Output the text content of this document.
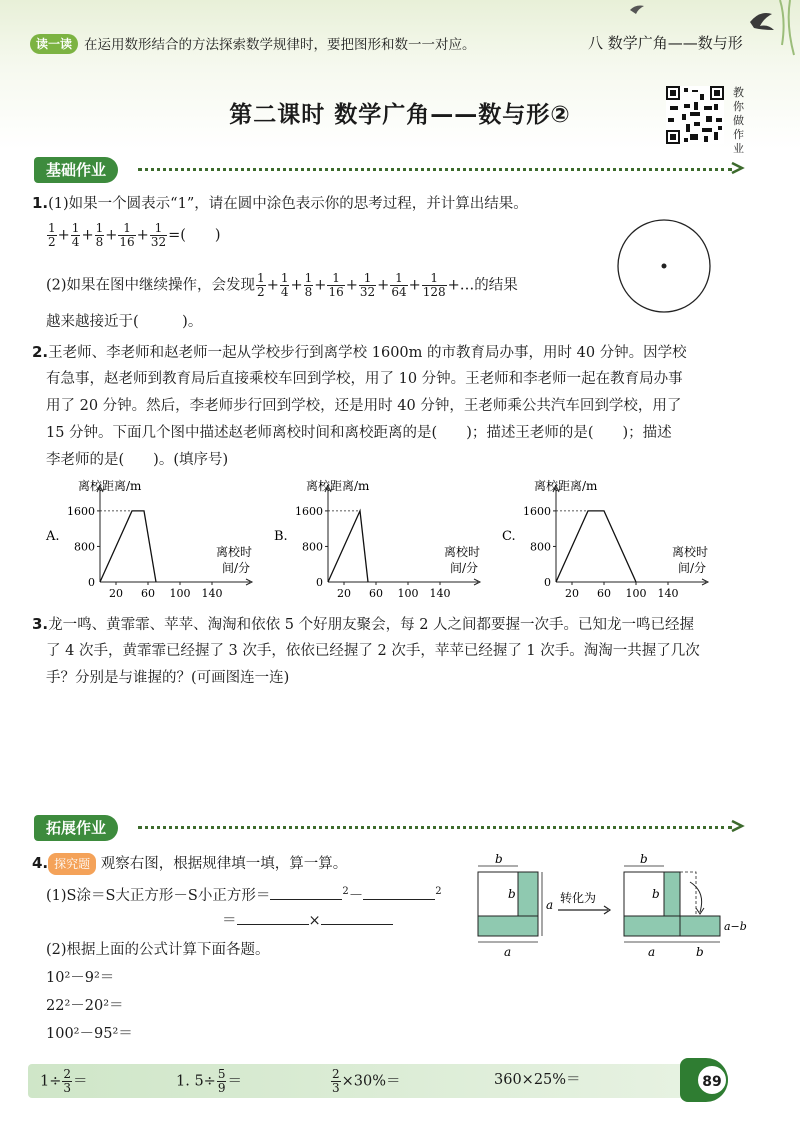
读一读 在运用数形结合的方法探索数学规律时，要把图形和数一一对应。	八 数学广角——数与形
第二课时 数学广角——数与形②
教你做作业
基础作业
1.(1)如果一个圆表示“1”，请在圆中涂色表示你的思考过程，并计算出结果。
$\frac{1}{2} + \frac{1}{4} + \frac{1}{8} + \frac{1}{16} + \frac{1}{32}$ =(　　)
(2)如果在图中继续操作，会发现 $\frac{1}{2} + \frac{1}{4} + \frac{1}{8} + \frac{1}{16} + \frac{1}{32} + \frac{1}{64} + \frac{1}{128}$ +…的结果
越来越接近于(　　　)。
2.王老师、李老师和赵老师一起从学校步行到离学校 1600m 的市教育局办事，用时 40 分钟。因学校
有急事，赵老师到教育局后直接乘校车回到学校，用了 10 分钟。王老师和李老师一起在教育局办事
用了 20 分钟。然后，李老师步行回到学校，还是用时 40 分钟，王老师乘公共汽车回到学校，用了
15 分钟。下面几个图中描述赵老师离校时间和离校距离的是(　　)；描述王老师的是(　　)；描述
李老师的是(　　)。(填序号)
A.
离校距离/m
1600
800
0
20 60 100 140
离校时
间/分
B.
离校距离/m
1600
800
0
20 60 100 140
离校时
间/分
C.
离校距离/m
1600
800
0
20 60 100 140
离校时
间/分
3.龙一鸣、黄霏霏、苹苹、淘淘和依依 5 个好朋友聚会，每 2 人之间都要握一次手。已知龙一鸣已经握
了 4 次手，黄霏霏已经握了 3 次手，依依已经握了 2 次手，苹苹已经握了 1 次手。淘淘一共握了几次
手？分别是与谁握的？(可画图连一连)
拓展作业
4. 探究题 观察右图，根据规律填一填，算一算。
(1)S涂＝S大正方形－S小正方形＝	$^2$－	$^2$
＝	×
(2)根据上面的公式计算下面各题。
10²－9²＝
22²－20²＝
100²－95²＝
b
b
a
a
转化为
b
b
a−b
a	b
$1\div \frac{2}{3}$ ＝	1. $5\div \frac{5}{9}$ ＝	$\frac{2}{3} \times 30\%=$	360×25%＝	89
